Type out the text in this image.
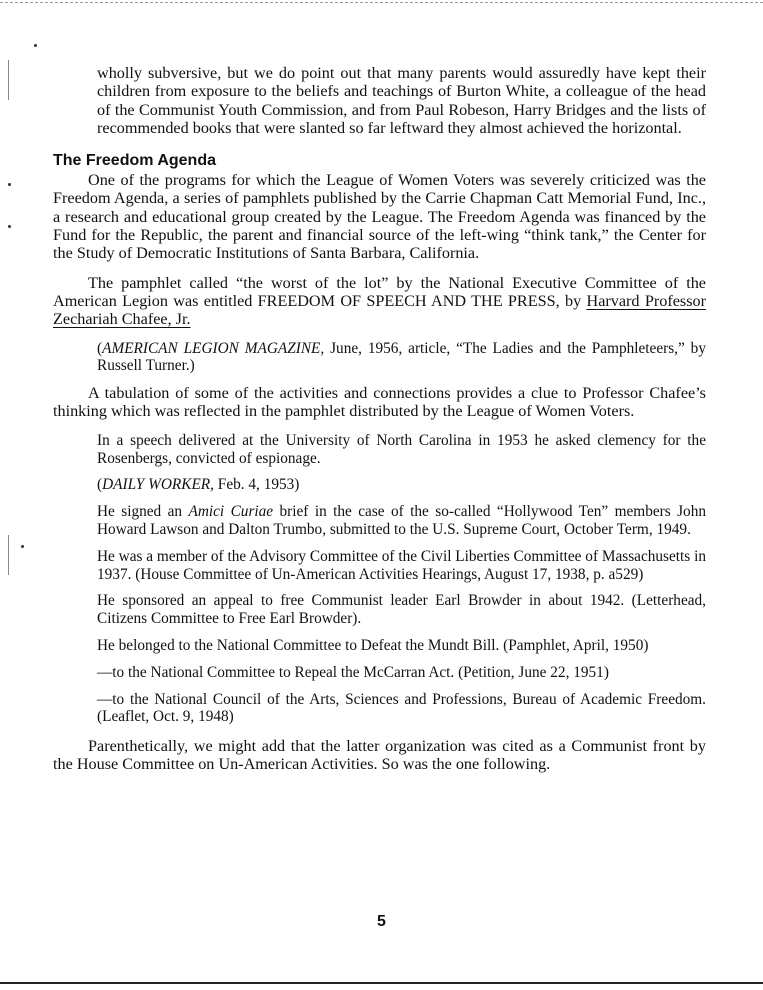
wholly subversive, but we do point out that many parents would assuredly have kept their children from exposure to the beliefs and teachings of Burton White, a colleague of the head of the Communist Youth Commission, and from Paul Robeson, Harry Bridges and the lists of recommended books that were slanted so far leftward they almost achieved the horizontal.

The Freedom Agenda

One of the programs for which the League of Women Voters was severely criticized was the Freedom Agenda, a series of pamphlets published by the Carrie Chapman Catt Memorial Fund, Inc., a research and educational group created by the League. The Freedom Agenda was financed by the Fund for the Republic, the parent and financial source of the left-wing “think tank,” the Center for the Study of Democratic Institutions of Santa Barbara, California.

The pamphlet called “the worst of the lot” by the National Executive Committee of the American Legion was entitled FREEDOM OF SPEECH AND THE PRESS, by Harvard Professor Zechariah Chafee, Jr.

(AMERICAN LEGION MAGAZINE, June, 1956, article, “The Ladies and the Pamphleteers,” by Russell Turner.)

A tabulation of some of the activities and connections provides a clue to Professor Chafee’s thinking which was reflected in the pamphlet distributed by the League of Women Voters.

In a speech delivered at the University of North Carolina in 1953 he asked clemency for the Rosenbergs, convicted of espionage.

(DAILY WORKER, Feb. 4, 1953)

He signed an Amici Curiae brief in the case of the so-called “Hollywood Ten” members John Howard Lawson and Dalton Trumbo, submitted to the U.S. Supreme Court, October Term, 1949.

He was a member of the Advisory Committee of the Civil Liberties Committee of Massachusetts in 1937. (House Committee of Un-American Activities Hearings, August 17, 1938, p. a529)

He sponsored an appeal to free Communist leader Earl Browder in about 1942. (Letterhead, Citizens Committee to Free Earl Browder).

He belonged to the National Committee to Defeat the Mundt Bill. (Pamphlet, April, 1950)

—to the National Committee to Repeal the McCarran Act. (Petition, June 22, 1951)

—to the National Council of the Arts, Sciences and Professions, Bureau of Academic Freedom. (Leaflet, Oct. 9, 1948)

Parenthetically, we might add that the latter organization was cited as a Communist front by the House Committee on Un-American Activities. So was the one following.

5
